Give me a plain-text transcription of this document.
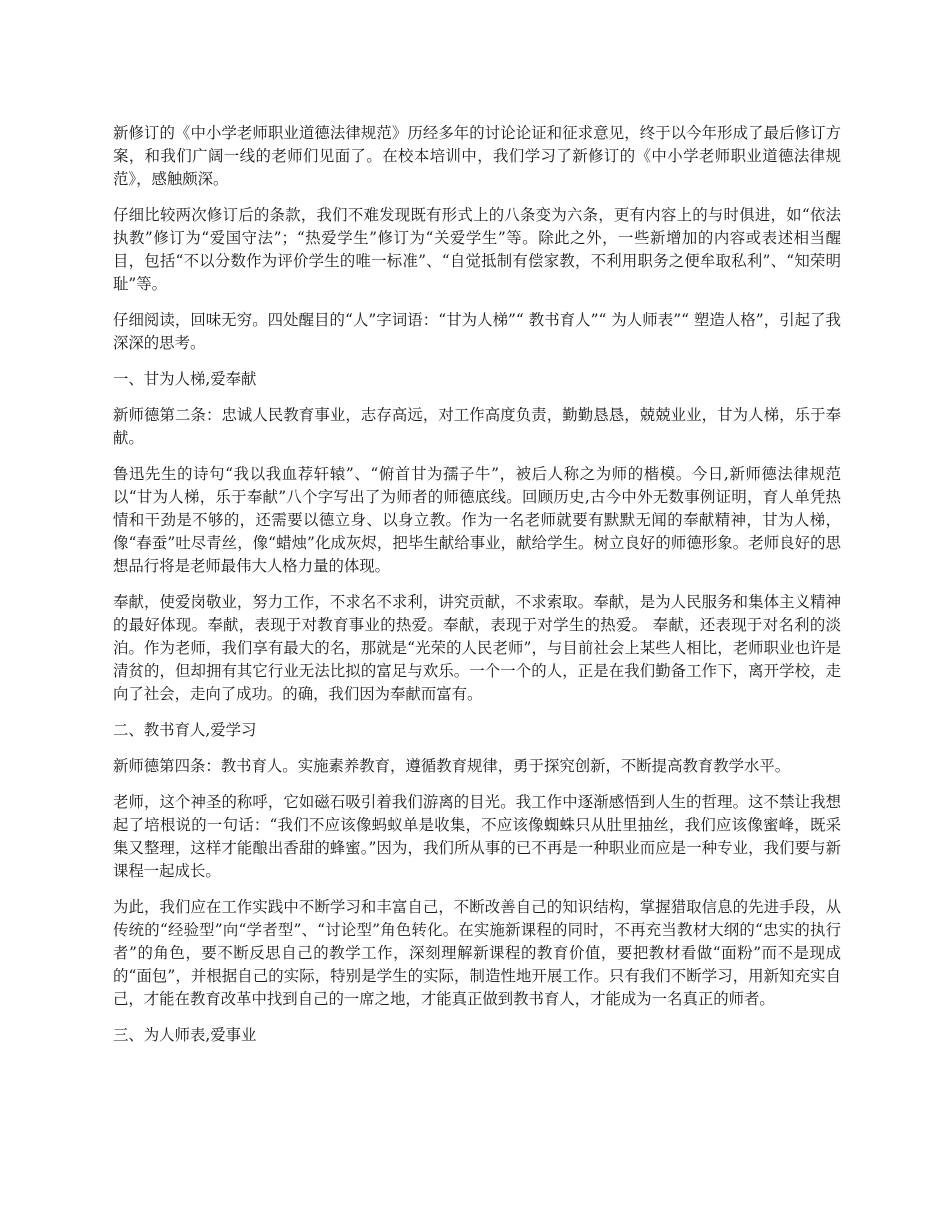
新修订的《中小学老师职业道德法律规范》历经多年的讨论论证和征求意见，终于以今年形成了最后修订方案，和我们广阔一线的老师们见面了。在校本培训中，我们学习了新修订的《中小学老师职业道德法律规范》，感触颇深。

仔细比较两次修订后的条款，我们不难发现既有形式上的八条变为六条，更有内容上的与时俱进，如“依法执教”修订为“爱国守法”；“热爱学生”修订为“关爱学生”等。除此之外，一些新增加的内容或表述相当醒目，包括“不以分数作为评价学生的唯一标准”、“自觉抵制有偿家教，不利用职务之便牟取私利”、“知荣明耻”等。

仔细阅读，回味无穷。四处醒目的“人”字词语：“甘为人梯”“ 教书育人”“ 为人师表”“ 塑造人格”，引起了我深深的思考。

一、甘为人梯,爱奉献

新师德第二条：忠诚人民教育事业，志存高远，对工作高度负责，勤勤恳恳，兢兢业业，甘为人梯，乐于奉献。

鲁迅先生的诗句“我以我血荐轩辕”、“俯首甘为孺子牛”，被后人称之为师的楷模。今日,新师德法律规范以“甘为人梯，乐于奉献”八个字写出了为师者的师德底线。回顾历史,古今中外无数事例证明，育人单凭热情和干劲是不够的，还需要以德立身、以身立教。作为一名老师就要有默默无闻的奉献精神，甘为人梯，像“春蚕”吐尽青丝，像“蜡烛”化成灰烬，把毕生献给事业，献给学生。树立良好的师德形象。老师良好的思想品行将是老师最伟大人格力量的体现。

奉献，使爱岗敬业，努力工作，不求名不求利，讲究贡献，不求索取。奉献，是为人民服务和集体主义精神的最好体现。奉献，表现于对教育事业的热爱。奉献，表现于对学生的热爱。 奉献，还表现于对名利的淡泊。作为老师，我们享有最大的名，那就是“光荣的人民老师”，与目前社会上某些人相比，老师职业也许是清贫的，但却拥有其它行业无法比拟的富足与欢乐。一个一个的人，正是在我们勤备工作下，离开学校，走向了社会，走向了成功。的确，我们因为奉献而富有。

二、教书育人,爱学习

新师德第四条：教书育人。实施素养教育，遵循教育规律，勇于探究创新，不断提高教育教学水平。

老师，这个神圣的称呼，它如磁石吸引着我们游离的目光。我工作中逐渐感悟到人生的哲理。这不禁让我想起了培根说的一句话：“我们不应该像蚂蚁单是收集，不应该像蜘蛛只从肚里抽丝，我们应该像蜜峰，既采集又整理，这样才能酿出香甜的蜂蜜。”因为，我们所从事的已不再是一种职业而应是一种专业，我们要与新课程一起成长。

为此，我们应在工作实践中不断学习和丰富自己，不断改善自己的知识结构，掌握猎取信息的先进手段，从传统的“经验型”向“学者型”、“讨论型”角色转化。在实施新课程的同时，不再充当教材大纲的“忠实的执行者”的角色，要不断反思自己的教学工作，深刻理解新课程的教育价值，要把教材看做“面粉”而不是现成的“面包”，并根据自己的实际，特别是学生的实际，制造性地开展工作。只有我们不断学习，用新知充实自己，才能在教育改革中找到自己的一席之地，才能真正做到教书育人，才能成为一名真正的师者。

三、为人师表,爱事业
